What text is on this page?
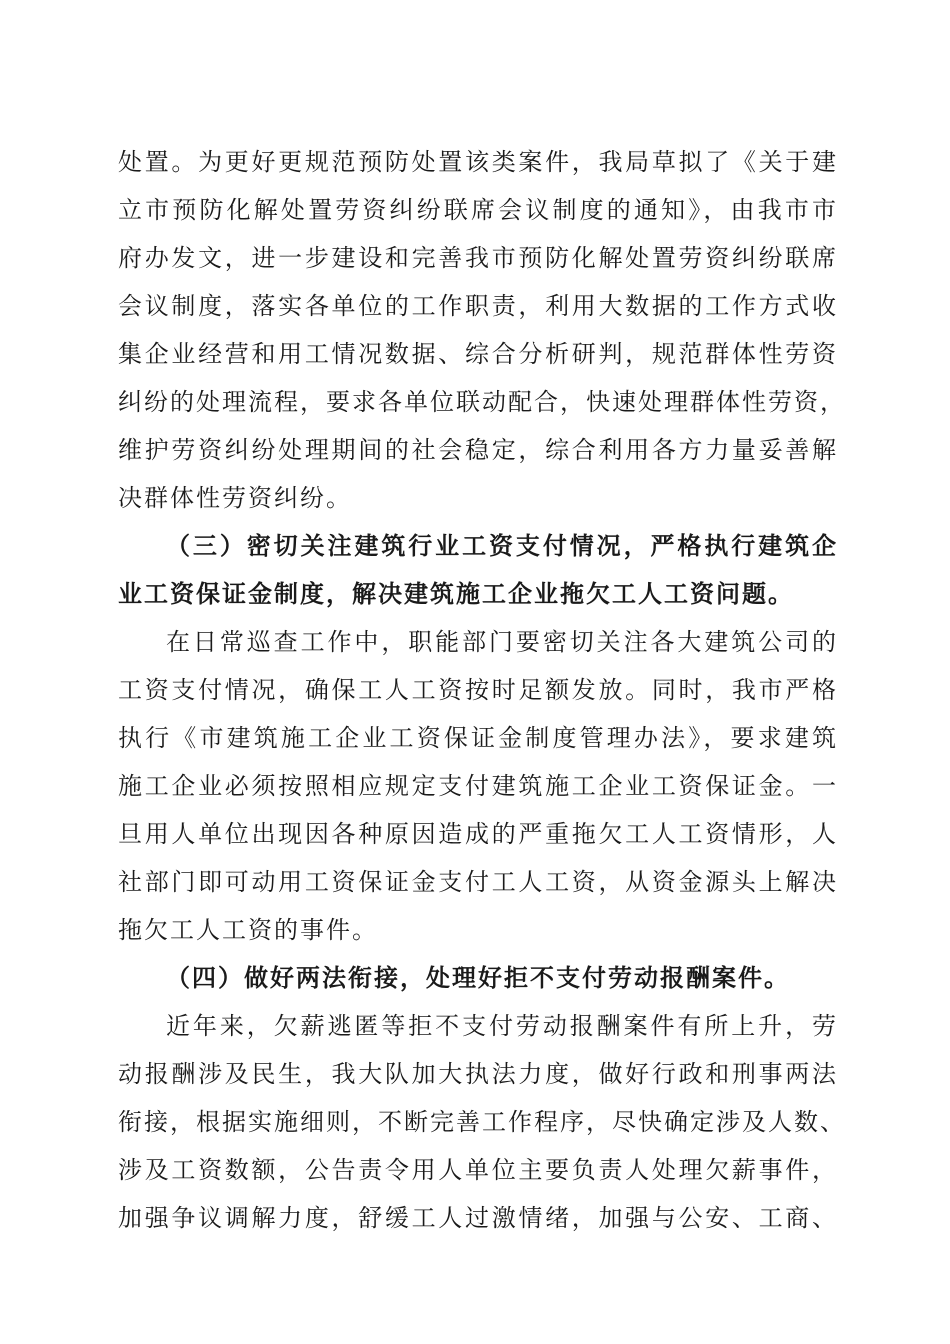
处置。为更好更规范预防处置该类案件，我局草拟了《关于建
立市预防化解处置劳资纠纷联席会议制度的通知》，由我市市
府办发文，进一步建设和完善我市预防化解处置劳资纠纷联席
会议制度，落实各单位的工作职责，利用大数据的工作方式收
集企业经营和用工情况数据、综合分析研判，规范群体性劳资
纠纷的处理流程，要求各单位联动配合，快速处理群体性劳资，
维护劳资纠纷处理期间的社会稳定，综合利用各方力量妥善解
决群体性劳资纠纷。
（三）密切关注建筑行业工资支付情况，严格执行建筑企
业工资保证金制度，解决建筑施工企业拖欠工人工资问题。
在日常巡查工作中，职能部门要密切关注各大建筑公司的
工资支付情况，确保工人工资按时足额发放。同时，我市严格
执行《市建筑施工企业工资保证金制度管理办法》，要求建筑
施工企业必须按照相应规定支付建筑施工企业工资保证金。一
旦用人单位出现因各种原因造成的严重拖欠工人工资情形，人
社部门即可动用工资保证金支付工人工资，从资金源头上解决
拖欠工人工资的事件。
（四）做好两法衔接，处理好拒不支付劳动报酬案件。
近年来，欠薪逃匿等拒不支付劳动报酬案件有所上升，劳
动报酬涉及民生，我大队加大执法力度，做好行政和刑事两法
衔接，根据实施细则，不断完善工作程序，尽快确定涉及人数、
涉及工资数额，公告责令用人单位主要负责人处理欠薪事件，
加强争议调解力度，舒缓工人过激情绪，加强与公安、工商、
